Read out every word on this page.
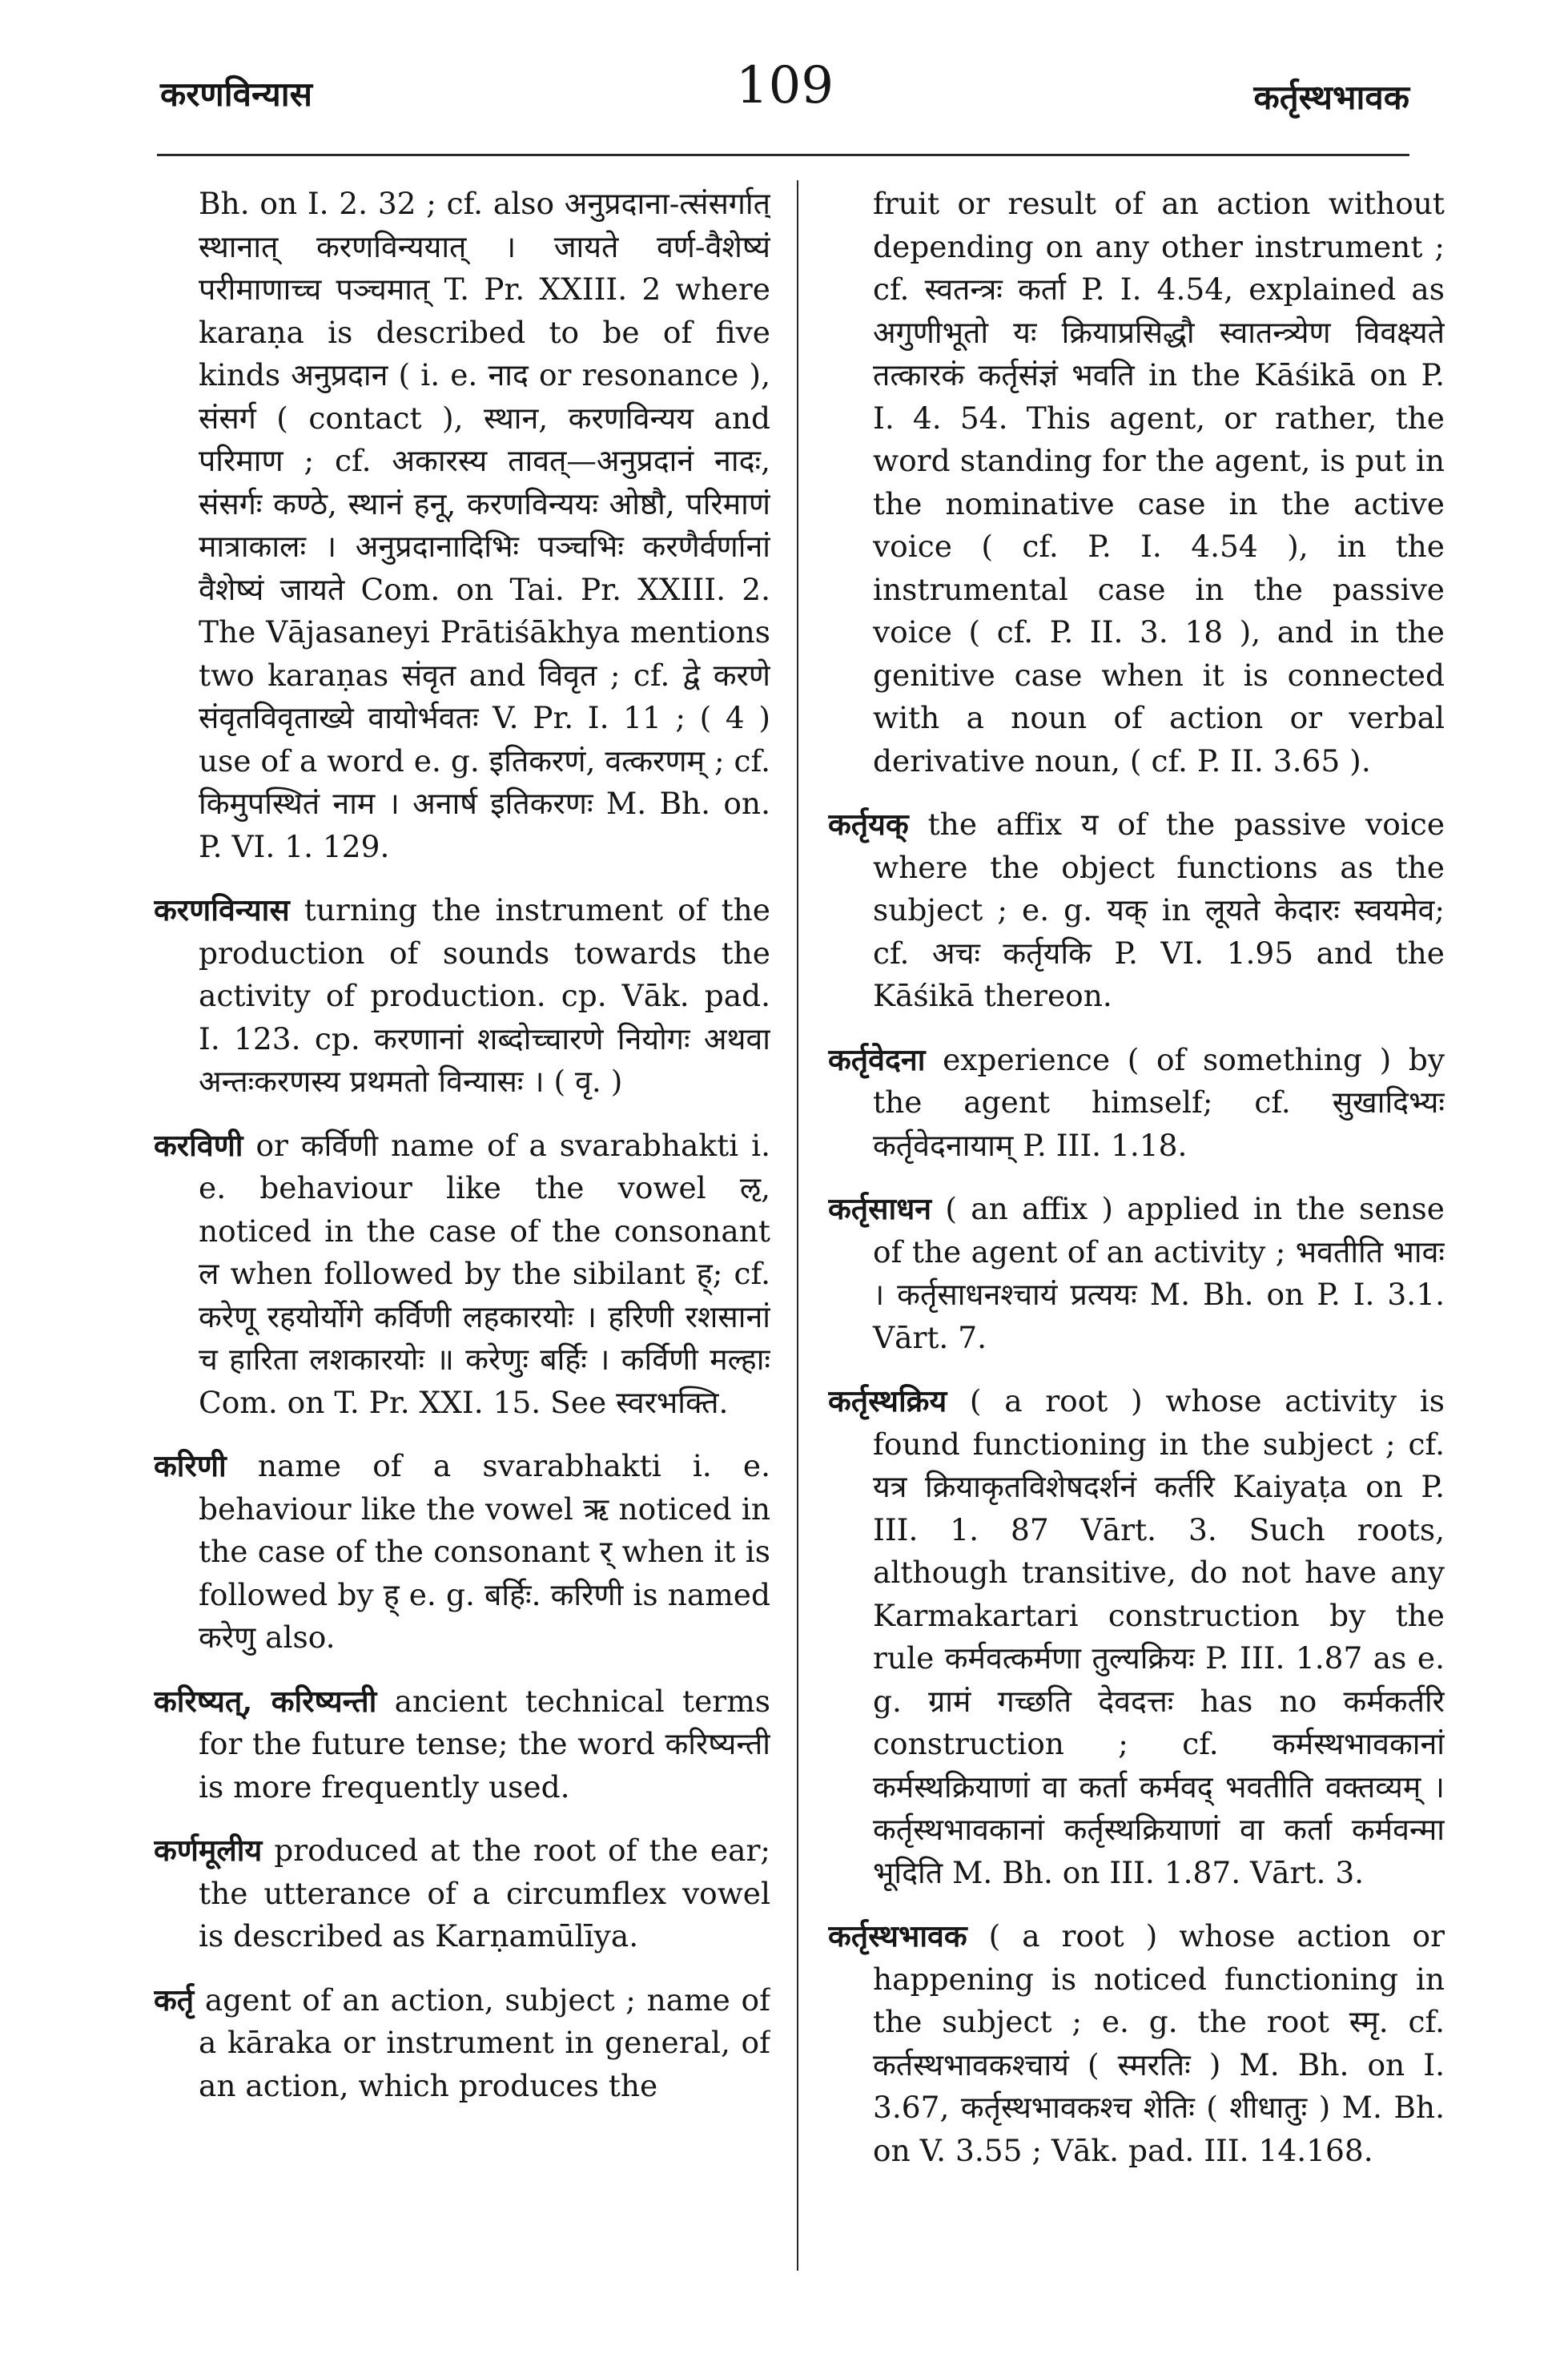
करणविन्यास	109	कर्तृस्थभावक

Bh. on I. 2. 32 ; cf. also अनुप्रदाना-त्संसर्गात् स्थानात् करणविन्ययात् । जायते वर्ण-वैशेष्यं परीमाणाच्च पञ्चमात् T. Pr. XXIII. 2 where karaṇa is described to be of five kinds अनुप्रदान ( i. e. नाद or resonance ), संसर्ग ( contact ), स्थान, करणविन्यय and परिमाण ; cf. अकारस्य तावत्—अनुप्रदानं नादः, संसर्गः कण्ठे, स्थानं हनू, करणविन्ययः ओष्ठौ, परिमाणं मात्राकालः । अनुप्रदानादिभिः पञ्चभिः करणैर्वर्णानां वैशेष्यं जायते Com. on Tai. Pr. XXIII. 2. The Vājasaneyi Prātiśākhya mentions two karaṇas संवृत and विवृत ; cf. द्वे करणे संवृतविवृताख्ये वायोर्भवतः V. Pr. I. 11 ; ( 4 ) use of a word e. g. इतिकरणं, वत्करणम् ; cf. किमुपस्थितं नाम । अनार्ष इतिकरणः M. Bh. on. P. VI. 1. 129.

करणविन्यास turning the instrument of the production of sounds towards the activity of production. cp. Vāk. pad. I. 123. cp. करणानां शब्दोच्चारणे नियोगः अथवा अन्तःकरणस्य प्रथमतो विन्यासः । ( वृ. )

करविणी or कर्विणी name of a svarabhakti i. e. behaviour like the vowel ऌ, noticed in the case of the consonant ल when followed by the sibilant ह्; cf. करेणू रहयोर्योगे कर्विणी लहकारयोः । हरिणी रशसानां च हारिता लशकारयोः ॥ करेणुः बर्हिः । कर्विणी मल्हाः Com. on T. Pr. XXI. 15. See स्वरभक्ति.

करिणी name of a svarabhakti i. e. behaviour like the vowel ऋ noticed in the case of the consonant र् when it is followed by ह् e. g. बर्हिः. करिणी is named करेणु also.

करिष्यत्, करिष्यन्ती ancient technical terms for the future tense; the word करिष्यन्ती is more frequently used.

कर्णमूलीय produced at the root of the ear; the utterance of a circumflex vowel is described as Karṇamūlīya.

कर्तृ agent of an action, subject ; name of a kāraka or instrument in general, of an action, which produces the

fruit or result of an action without depending on any other instrument ; cf. स्वतन्त्रः कर्ता P. I. 4.54, explained as अगुणीभूतो यः क्रियाप्रसिद्धौ स्वातन्त्र्येण विवक्ष्यते तत्कारकं कर्तृसंज्ञं भवति in the Kāśikā on P. I. 4. 54. This agent, or rather, the word standing for the agent, is put in the nominative case in the active voice ( cf. P. I. 4.54 ), in the instrumental case in the passive voice ( cf. P. II. 3. 18 ), and in the genitive case when it is connected with a noun of action or verbal derivative noun, ( cf. P. II. 3.65 ).

कर्तृयक् the affix य of the passive voice where the object functions as the subject ; e. g. यक् in लूयते केदारः स्वयमेव; cf. अचः कर्तृयकि P. VI. 1.95 and the Kāśikā thereon.

कर्तृवेदना experience ( of something ) by the agent himself; cf. सुखादिभ्यः कर्तृवेदनायाम् P. III. 1.18.

कर्तृसाधन ( an affix ) applied in the sense of the agent of an activity ; भवतीति भावः । कर्तृसाधनश्चायं प्रत्ययः M. Bh. on P. I. 3.1. Vārt. 7.

कर्तृस्थक्रिय ( a root ) whose activity is found functioning in the subject ; cf. यत्र क्रियाकृतविशेषदर्शनं कर्तरि Kaiyaṭa on P. III. 1. 87 Vārt. 3. Such roots, although transitive, do not have any Karmakartari construction by the rule कर्मवत्कर्मणा तुल्यक्रियः P. III. 1.87 as e. g. ग्रामं गच्छति देवदत्तः has no कर्मकर्तरि construction ; cf. कर्मस्थभावकानां कर्मस्थक्रियाणां वा कर्ता कर्मवद् भवतीति वक्तव्यम् । कर्तृस्थभावकानां कर्तृस्थक्रियाणां वा कर्ता कर्मवन्मा भूदिति M. Bh. on III. 1.87. Vārt. 3.

कर्तृस्थभावक ( a root ) whose action or happening is noticed functioning in the subject ; e. g. the root स्मृ. cf. कर्तस्थभावकश्चायं ( स्मरतिः ) M. Bh. on I. 3.67, कर्तृस्थभावकश्च शेतिः ( शीधातुः ) M. Bh. on V. 3.55 ; Vāk. pad. III. 14.168.
